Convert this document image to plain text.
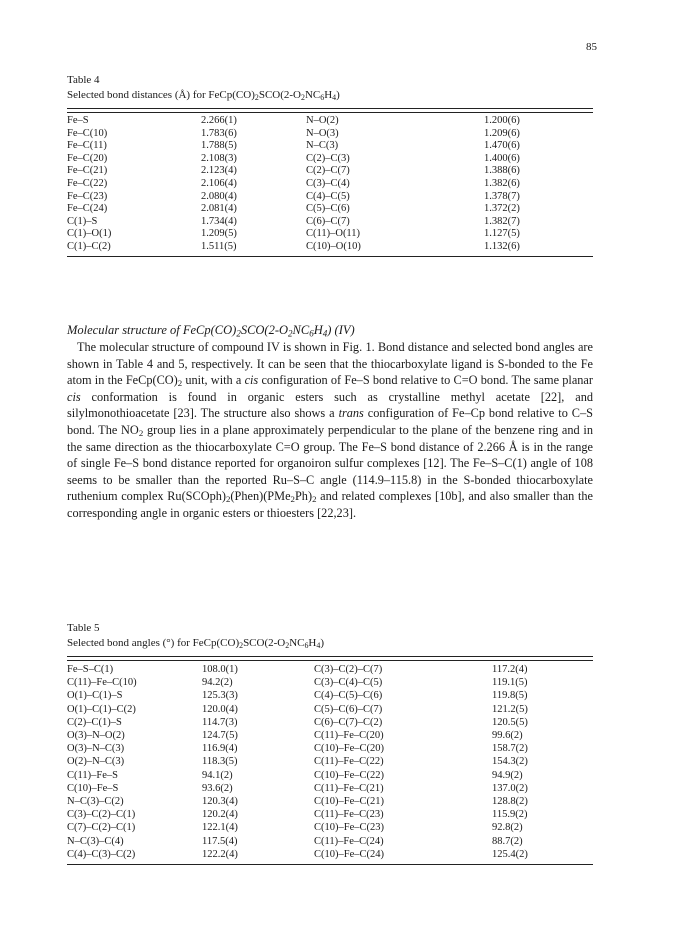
85
Table 4
Selected bond distances (Å) for $FeCp(CO)_2SCO(2-O_2NC_6H_4)$
Fe–S	2.266(1)	N–O(2)	1.200(6)
Fe–C(10)	1.783(6)	N–O(3)	1.209(6)
Fe–C(11)	1.788(5)	N–C(3)	1.470(6)
Fe–C(20)	2.108(3)	C(2)–C(3)	1.400(6)
Fe–C(21)	2.123(4)	C(2)–C(7)	1.388(6)
Fe–C(22)	2.106(4)	C(3)–C(4)	1.382(6)
Fe–C(23)	2.080(4)	C(4)–C(5)	1.378(7)
Fe–C(24)	2.081(4)	C(5)–C(6)	1.372(2)
C(1)–S	1.734(4)	C(6)–C(7)	1.382(7)
C(1)–O(1)	1.209(5)	C(11)–O(11)	1.127(5)
C(1)–C(2)	1.511(5)	C(10)–O(10)	1.132(6)
Molecular structure of $FeCp(CO)_2SCO(2-O_2NC_6H_4)$ (IV)

The molecular structure of compound IV is shown in Fig. 1. Bond distance and selected bond angles are shown in Table 4 and 5, respectively. It can be seen that the thiocarboxylate ligand is S-bonded to the Fe atom in the $FeCp(CO)_2$ unit, with a cis configuration of Fe–S bond relative to C=O bond. The same planar cis conformation is found in organic esters such as crystalline methyl acetate [22], and silylmonothioacetate [23]. The structure also shows a trans configuration of Fe–Cp bond relative to C–S bond. The $NO_2$ group lies in a plane approximately perpendicular to the plane of the benzene ring and in the same direction as the thiocarboxylate C=O group. The Fe–S bond distance of 2.266 Å is in the range of single Fe–S bond distance reported for organoiron sulfur complexes [12]. The Fe–S–C(1) angle of 108 seems to be smaller than the reported Ru–S–C angle (114.9–115.8) in the S-bonded thiocarboxylate ruthenium complex $Ru(SCOph)_2(Phen)(PMe_2Ph)_2$ and related complexes [10b], and also smaller than the corresponding angle in organic esters or thioesters [22,23].

Table 5
Selected bond angles (°) for $FeCp(CO)_2SCO(2-O_2NC_6H_4)$
Fe–S–C(1)	108.0(1)	C(3)–C(2)–C(7)	117.2(4)
C(11)–Fe–C(10)	94.2(2)	C(3)–C(4)–C(5)	119.1(5)
O(1)–C(1)–S	125.3(3)	C(4)–C(5)–C(6)	119.8(5)
O(1)–C(1)–C(2)	120.0(4)	C(5)–C(6)–C(7)	121.2(5)
C(2)–C(1)–S	114.7(3)	C(6)–C(7)–C(2)	120.5(5)
O(3)–N–O(2)	124.7(5)	C(11)–Fe–C(20)	99.6(2)
O(3)–N–C(3)	116.9(4)	C(10)–Fe–C(20)	158.7(2)
O(2)–N–C(3)	118.3(5)	C(11)–Fe–C(22)	154.3(2)
C(11)–Fe–S	94.1(2)	C(10)–Fe–C(22)	94.9(2)
C(10)–Fe–S	93.6(2)	C(11)–Fe–C(21)	137.0(2)
N–C(3)–C(2)	120.3(4)	C(10)–Fe–C(21)	128.8(2)
C(3)–C(2)–C(1)	120.2(4)	C(11)–Fe–C(23)	115.9(2)
C(7)–C(2)–C(1)	122.1(4)	C(10)–Fe–C(23)	92.8(2)
N–C(3)–C(4)	117.5(4)	C(11)–Fe–C(24)	88.7(2)
C(4)–C(3)–C(2)	122.2(4)	C(10)–Fe–C(24)	125.4(2)
